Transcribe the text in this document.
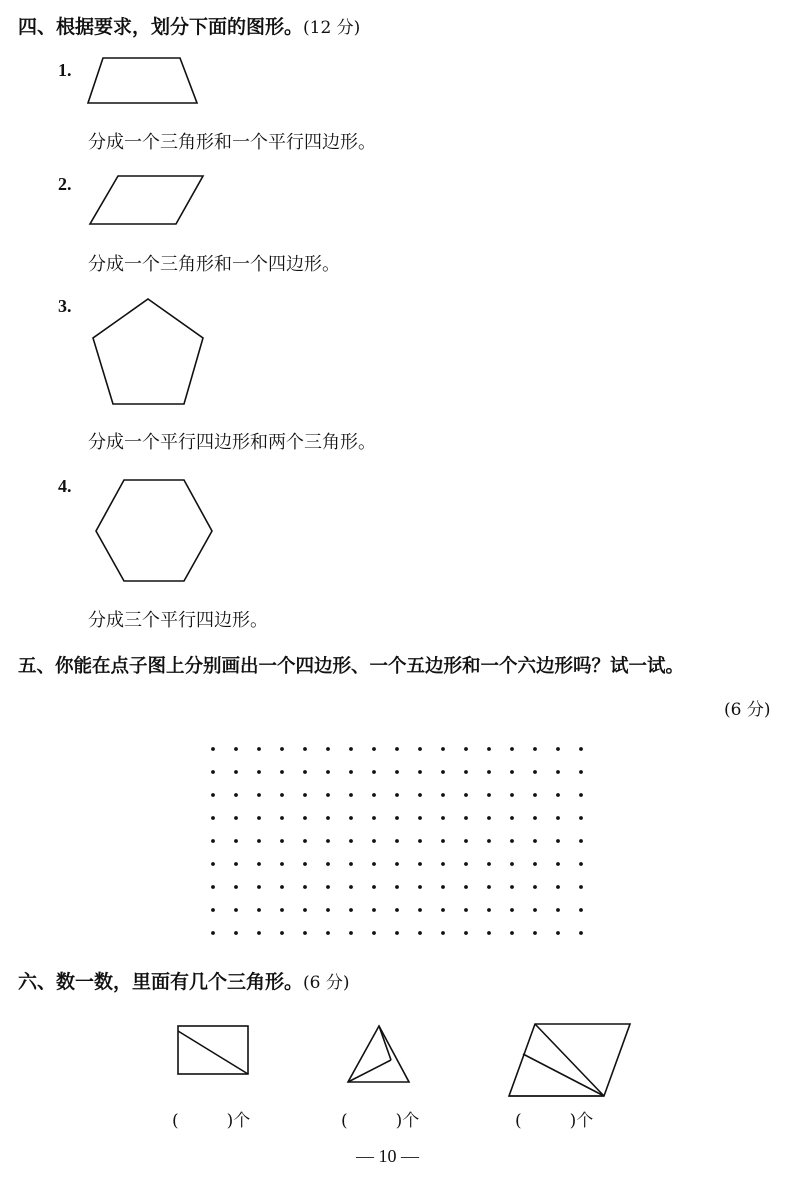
四、根据要求，划分下面的图形。(12 分)
1.
分成一个三角形和一个平行四边形。
2.
分成一个三角形和一个四边形。
3.
分成一个平行四边形和两个三角形。
4.
分成三个平行四边形。
五、你能在点子图上分别画出一个四边形、一个五边形和一个六边形吗？试一试。
(6 分)
六、数一数，里面有几个三角形。(6 分)
(	)个	(	)个	(	)个
— 10 —
